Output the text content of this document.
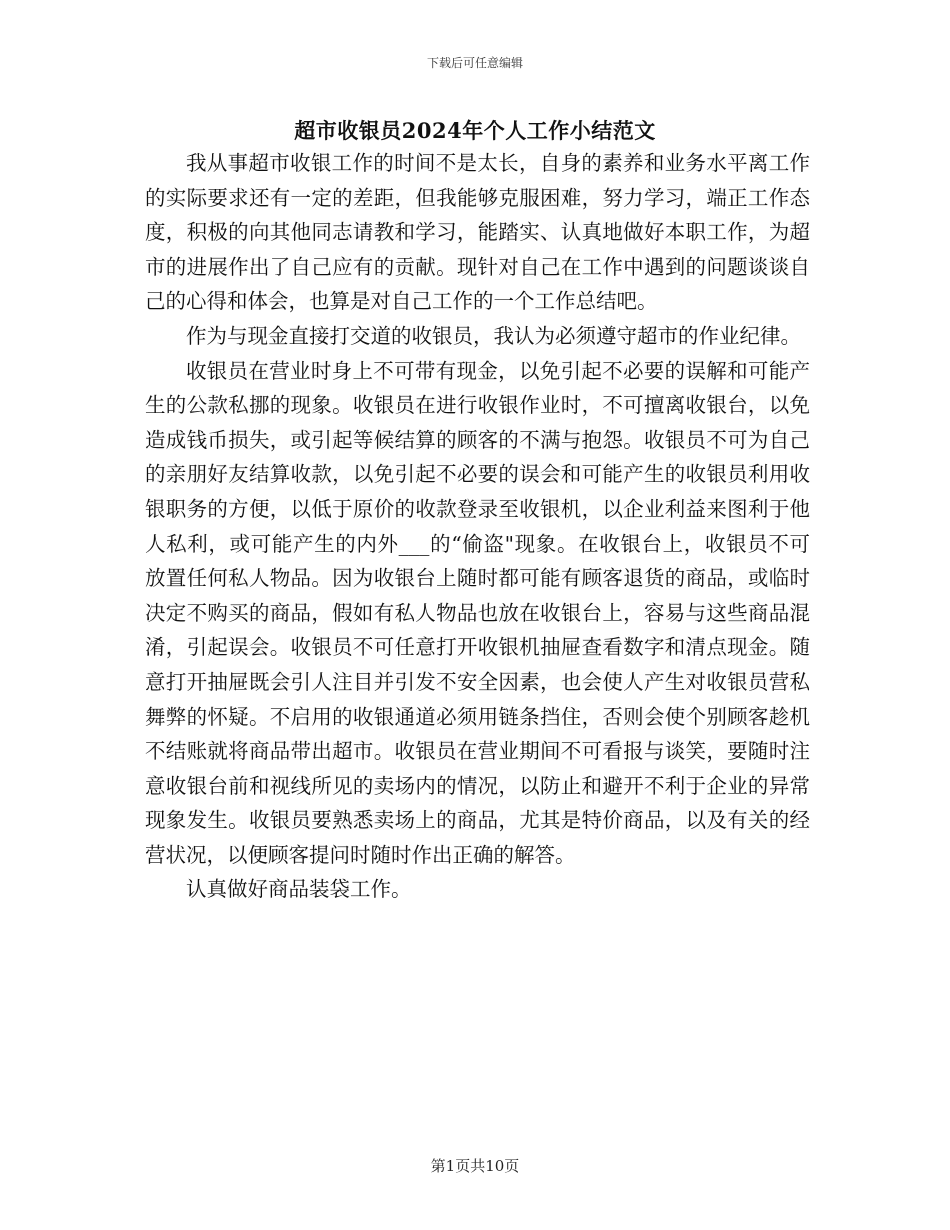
下载后可任意编辑
超市收银员2024年个人工作小结范文

我从事超市收银工作的时间不是太长，自身的素养和业务水平离工作的实际要求还有一定的差距，但我能够克服困难，努力学习，端正工作态度，积极的向其他同志请教和学习，能踏实、认真地做好本职工作，为超市的进展作出了自己应有的贡献。现针对自己在工作中遇到的问题谈谈自己的心得和体会，也算是对自己工作的一个工作总结吧。

作为与现金直接打交道的收银员，我认为必须遵守超市的作业纪律。

收银员在营业时身上不可带有现金，以免引起不必要的误解和可能产生的公款私挪的现象。收银员在进行收银作业时，不可擅离收银台，以免造成钱币损失，或引起等候结算的顾客的不满与抱怨。收银员不可为自己的亲朋好友结算收款，以免引起不必要的误会和可能产生的收银员利用收银职务的方便，以低于原价的收款登录至收银机，以企业利益来图利于他人私利，或可能产生的内外___的“偷盗"现象。在收银台上，收银员不可放置任何私人物品。因为收银台上随时都可能有顾客退货的商品，或临时决定不购买的商品，假如有私人物品也放在收银台上，容易与这些商品混淆，引起误会。收银员不可任意打开收银机抽屉查看数字和清点现金。随意打开抽屉既会引人注目并引发不安全因素，也会使人产生对收银员营私舞弊的怀疑。不启用的收银通道必须用链条挡住，否则会使个别顾客趁机不结账就将商品带出超市。收银员在营业期间不可看报与谈笑，要随时注意收银台前和视线所见的卖场内的情况，以防止和避开不利于企业的异常现象发生。收银员要熟悉卖场上的商品，尤其是特价商品，以及有关的经营状况，以便顾客提问时随时作出正确的解答。

认真做好商品装袋工作。

第1页共10页
